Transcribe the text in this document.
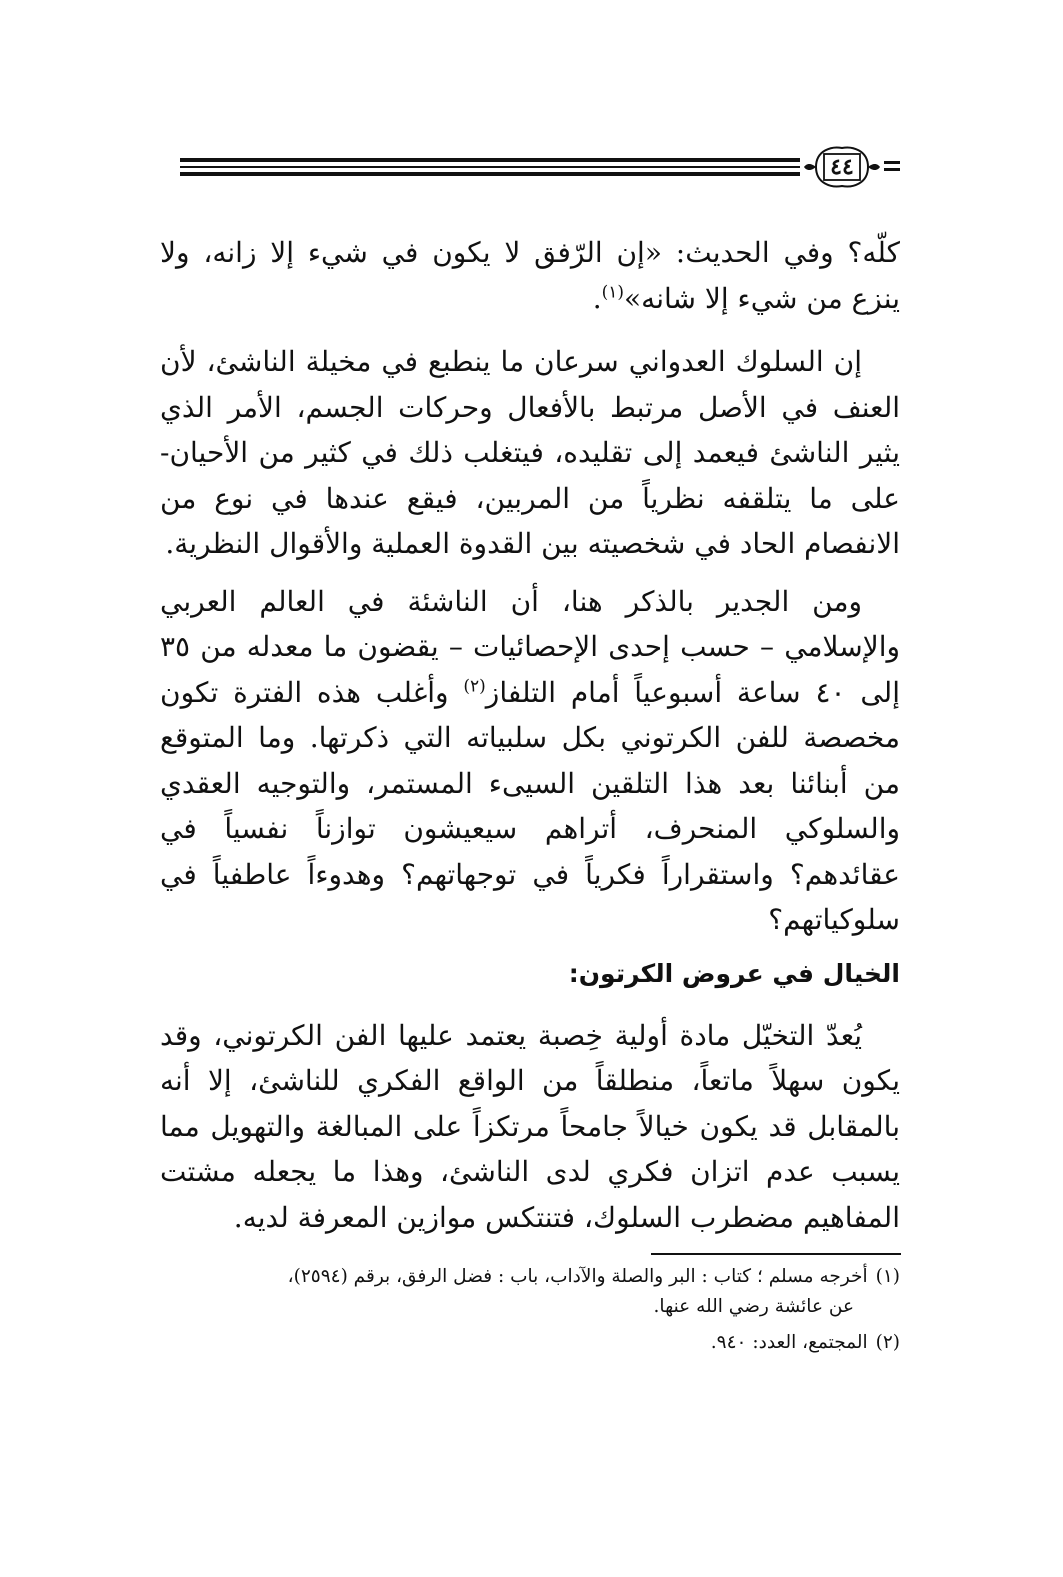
٤٤

كلّه؟ وفي الحديث: «إن الرّفق لا يكون في شيء إلا زانه، ولا ينزع من شيء إلا شانه»$^{(١)}$.

إن السلوك العدواني سرعان ما ينطبع في مخيلة الناشئ، لأن العنف في الأصل مرتبط بالأفعال وحركات الجسم، الأمر الذي يثير الناشئ فيعمد إلى تقليده، فيتغلب ذلك في كثير من الأحيان- على ما يتلقفه نظرياً من المربين، فيقع عندها في نوع من الانفصام الحاد في شخصيته بين القدوة العملية والأقوال النظرية.

ومن الجدير بالذكر هنا، أن الناشئة في العالم العربي والإسلامي – حسب إحدى الإحصائيات – يقضون ما معدله من ٣٥ إلى ٤٠ ساعة أسبوعياً أمام التلفاز$^{(٢)}$ وأغلب هذه الفترة تكون مخصصة للفن الكرتوني بكل سلبياته التي ذكرتها. وما المتوقع من أبنائنا بعد هذا التلقين السيىء المستمر، والتوجيه العقدي والسلوكي المنحرف، أتراهم سيعيشون توازناً نفسياً في عقائدهم؟ واستقراراً فكرياً في توجهاتهم؟ وهدوءاً عاطفياً في سلوكياتهم؟

الخيال في عروض الكرتون:

يُعدّ التخيّل مادة أولية خِصبة يعتمد عليها الفن الكرتوني، وقد يكون سهلاً ماتعاً، منطلقاً من الواقع الفكري للناشئ، إلا أنه بالمقابل قد يكون خيالاً جامحاً مرتكزاً على المبالغة والتهويل مما يسبب عدم اتزان فكري لدى الناشئ، وهذا ما يجعله مشتت المفاهيم مضطرب السلوك، فتنتكس موازين المعرفة لديه.

(١)أخرجه مسلم ؛ كتاب : البر والصلة والآداب، باب : فضل الرفق، برقم (٢٥٩٤)،
عن عائشة رضي الله عنها.
(٢)المجتمع، العدد: ٩٤٠.
